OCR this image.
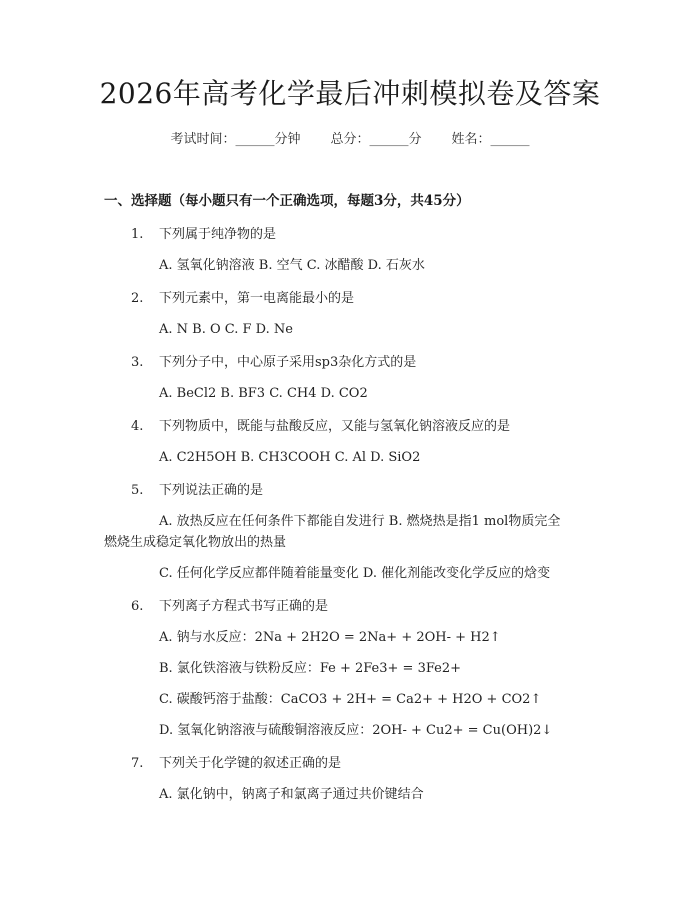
2026年高考化学最后冲刺模拟卷及答案
考试时间：______分钟 总分：______分 姓名：______
一、选择题（每小题只有一个正确选项，每题3分，共45分）
1. 下列属于纯净物的是
A. 氢氧化钠溶液 B. 空气 C. 冰醋酸 D. 石灰水
2. 下列元素中，第一电离能最小的是
A. N B. O C. F D. Ne
3. 下列分子中，中心原子采用sp3杂化方式的是
A. BeCl2 B. BF3 C. CH4 D. CO2
4. 下列物质中，既能与盐酸反应，又能与氢氧化钠溶液反应的是
A. C2H5OH B. CH3COOH C. Al D. SiO2
5. 下列说法正确的是
A. 放热反应在任何条件下都能自发进行 B. 燃烧热是指1 mol物质完全
燃烧生成稳定氧化物放出的热量
C. 任何化学反应都伴随着能量变化 D. 催化剂能改变化学反应的焓变
6. 下列离子方程式书写正确的是
A. 钠与水反应：2Na + 2H2O = 2Na+ + 2OH- + H2↑
B. 氯化铁溶液与铁粉反应：Fe + 2Fe3+ = 3Fe2+
C. 碳酸钙溶于盐酸：CaCO3 + 2H+ = Ca2+ + H2O + CO2↑
D. 氢氧化钠溶液与硫酸铜溶液反应：2OH- + Cu2+ = Cu(OH)2↓
7. 下列关于化学键的叙述正确的是
A. 氯化钠中，钠离子和氯离子通过共价键结合
